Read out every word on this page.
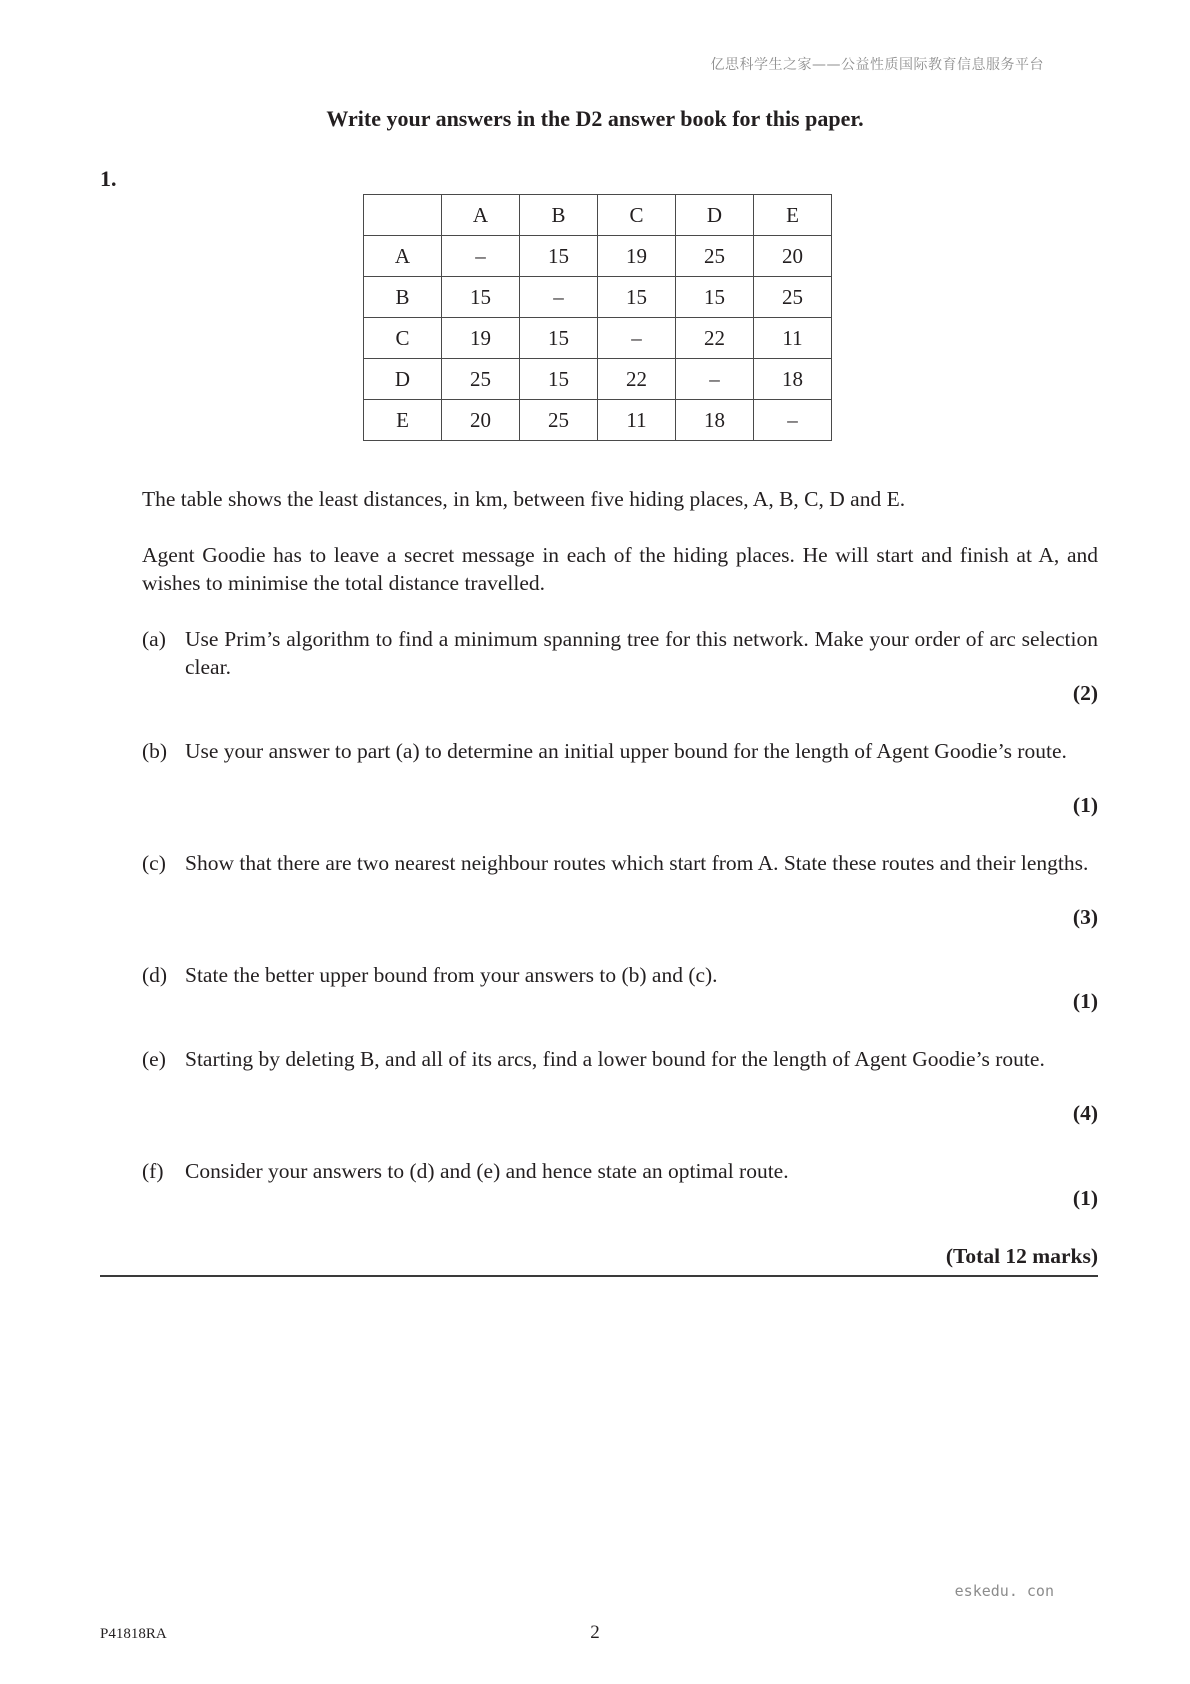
亿思科学生之家——公益性质国际教育信息服务平台
Write your answers in the D2 answer book for this paper.
1.
	A	B	C	D	E
A	–	15	19	25	20
B	15	–	15	15	25
C	19	15	–	22	11
D	25	15	22	–	18
E	20	25	11	18	–
The table shows the least distances, in km, between five hiding places, A, B, C, D and E.
Agent Goodie has to leave a secret message in each of the hiding places. He will start and finish at A, and wishes to minimise the total distance travelled.
(a) Use Prim’s algorithm to find a minimum spanning tree for this network. Make your order of arc selection clear.
(2)
(b) Use your answer to part (a) to determine an initial upper bound for the length of Agent Goodie’s route.
(1)
(c) Show that there are two nearest neighbour routes which start from A. State these routes and their lengths.
(3)
(d) State the better upper bound from your answers to (b) and (c).
(1)
(e) Starting by deleting B, and all of its arcs, find a lower bound for the length of Agent Goodie’s route.
(4)
(f) Consider your answers to (d) and (e) and hence state an optimal route.
(1)
(Total 12 marks)
eskedu. con
P41818RA	2
